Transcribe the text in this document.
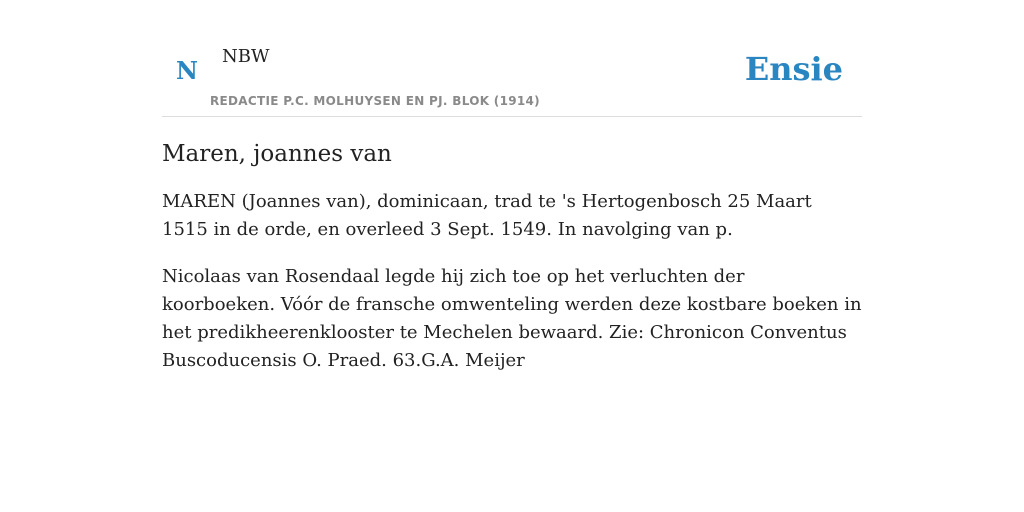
N NBW
REDACTIE P.C. MOLHUYSEN EN PJ. BLOK (1914)
Ensie
Maren, joannes van

MAREN (Joannes van), dominicaan, trad te 's Hertogenbosch 25 Maart 1515 in de orde, en overleed 3 Sept. 1549. In navolging van p.

Nicolaas van Rosendaal legde hij zich toe op het verluchten der koorboeken. Vóór de fransche omwenteling werden deze kostbare boeken in het predikheerenklooster te Mechelen bewaard. Zie: Chronicon Conventus Buscoducensis O. Praed. 63.G.A. Meijer
